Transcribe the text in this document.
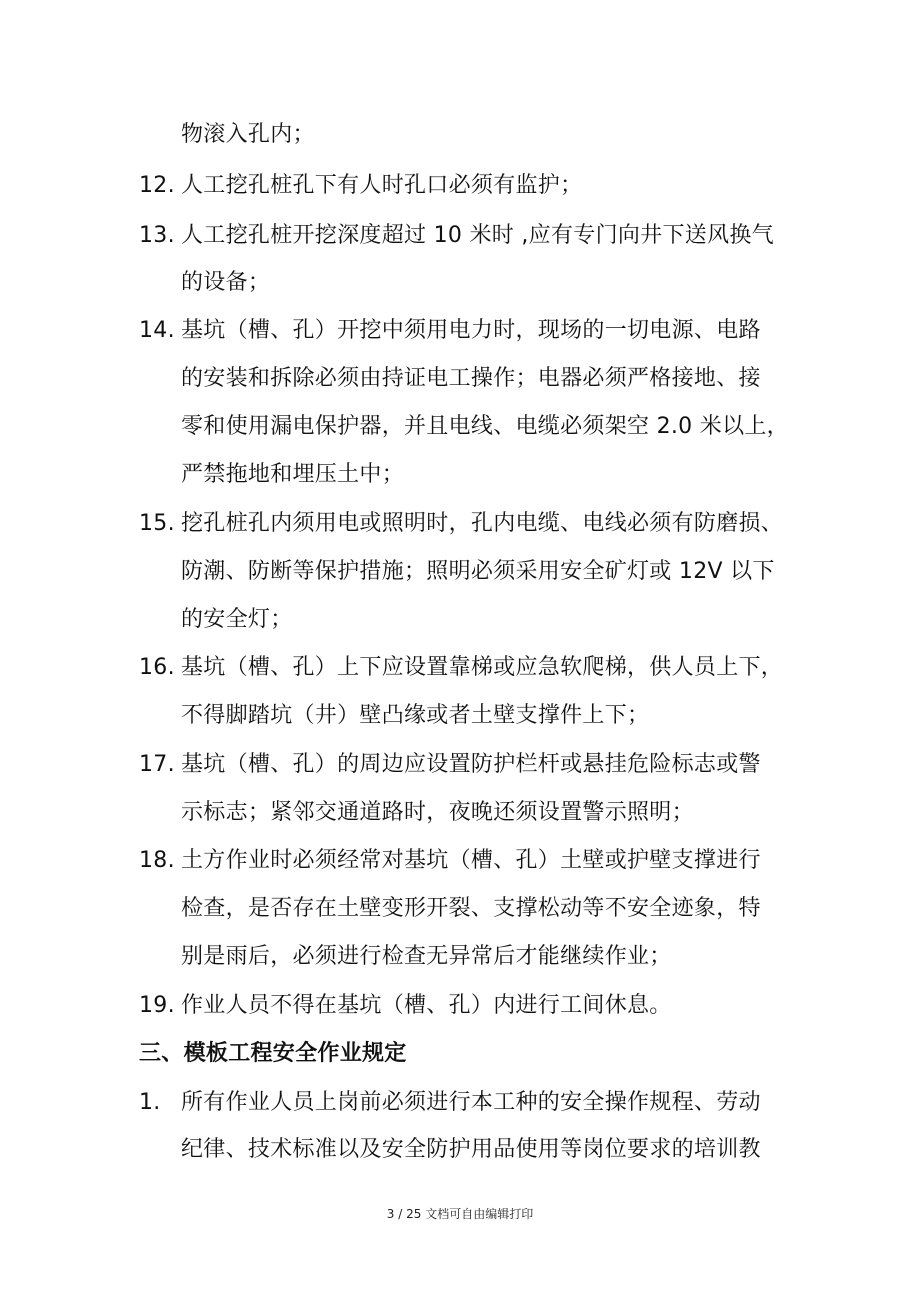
物滚入孔内；
12. 人工挖孔桩孔下有人时孔口必须有监护；
13. 人工挖孔桩开挖深度超过 10 米时 ,应有专门向井下送风换气
的设备；
14. 基坑（槽、孔）开挖中须用电力时，现场的一切电源、电路
的安装和拆除必须由持证电工操作；电器必须严格接地、接
零和使用漏电保护器，并且电线、电缆必须架空 2.0 米以上，
严禁拖地和埋压土中；
15. 挖孔桩孔内须用电或照明时，孔内电缆、电线必须有防磨损、
防潮、防断等保护措施；照明必须采用安全矿灯或 12V 以下
的安全灯；
16. 基坑（槽、孔）上下应设置靠梯或应急软爬梯，供人员上下，
不得脚踏坑（井）壁凸缘或者土壁支撑件上下；
17. 基坑（槽、孔）的周边应设置防护栏杆或悬挂危险标志或警
示标志；紧邻交通道路时，夜晚还须设置警示照明；
18. 土方作业时必须经常对基坑（槽、孔）土壁或护壁支撑进行
检查，是否存在土壁变形开裂、支撑松动等不安全迹象，特
别是雨后，必须进行检查无异常后才能继续作业；
19. 作业人员不得在基坑（槽、孔）内进行工间休息。
三、模板工程安全作业规定
1. 所有作业人员上岗前必须进行本工种的安全操作规程、劳动
纪律、技术标准以及安全防护用品使用等岗位要求的培训教
3 / 25 文档可自由编辑打印
